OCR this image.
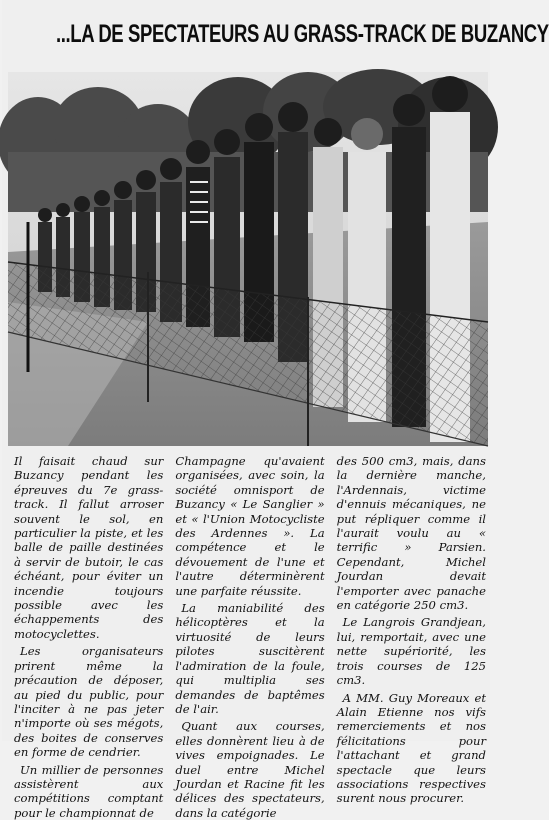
...LA DE SPECTATEURS AU GRASS-TRACK DE BUZANCY

Il faisait chaud sur Buzancy pendant les épreuves du 7e grass-track. Il fallut arroser souvent le sol, en particulier la piste, et les balle de paille destinées à servir de butoir, le cas échéant, pour éviter un incendie toujours possible avec les échappements des motocyclettes.

Les organisateurs prirent même la précaution de déposer, au pied du public, pour l'inciter à ne pas jeter n'importe où ses mégots, des boites de conserves en forme de cendrier.

Un millier de personnes assistèrent aux compétitions comptant pour le championnat de

Champagne qu'avaient organisées, avec soin, la société omnisport de Buzancy « Le Sanglier » et « l'Union Motocycliste des Ardennes ». La compétence et le dévouement de l'une et l'autre déterminèrent une parfaite réussite.

La maniabilité des hélicoptères et la virtuosité de leurs pilotes suscitèrent l'admiration de la foule, qui multiplia ses demandes de baptêmes de l'air.

Quant aux courses, elles donnèrent lieu à de vives empoignades. Le duel entre Michel Jourdan et Racine fit les délices des spectateurs, dans la catégorie

des 500 cm3, mais, dans la dernière manche, l'Ardennais, victime d'ennuis mécaniques, ne put répliquer comme il l'aurait voulu au « terrific » Parsien. Cependant, Michel Jourdan devait l'emporter avec panache en catégorie 250 cm3.

Le Langrois Grandjean, lui, remportait, avec une nette supériorité, les trois courses de 125 cm3.

A MM. Guy Moreaux et Alain Etienne nos vifs remerciements et nos félicitations pour l'attachant et grand spectacle que leurs associations respectives surent nous procurer.
